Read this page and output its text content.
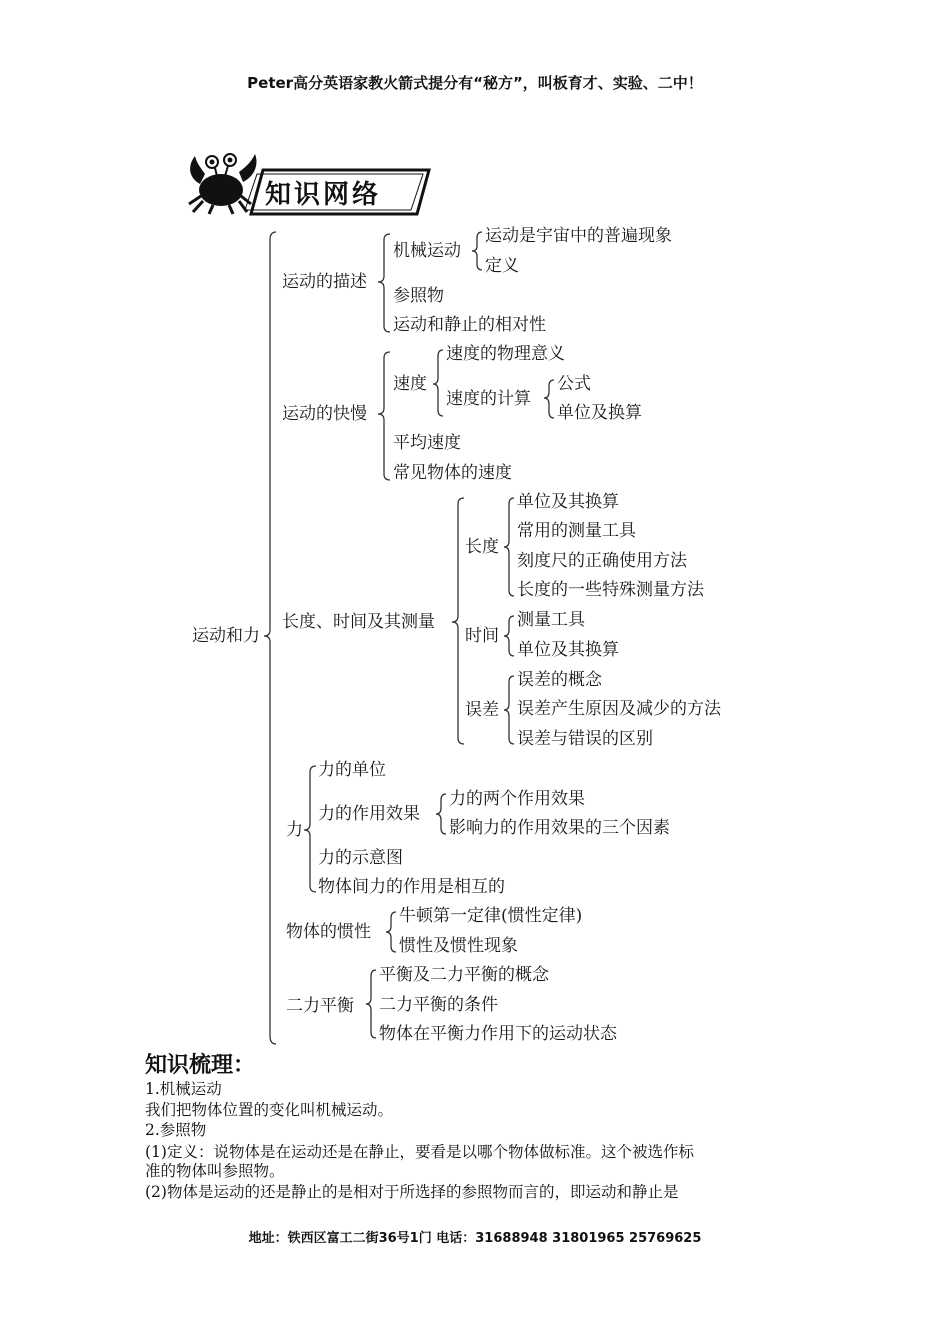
Peter高分英语家教火箭式提分有“秘方”，叫板育才、实验、二中！
知识网络
运动和力
运动的描述
机械运动
运动是宇宙中的普遍现象
定义
参照物
运动和静止的相对性
运动的快慢
速度
速度的物理意义
速度的计算
公式
单位及换算
平均速度
常见物体的速度
长度、时间及其测量
长度
单位及其换算
常用的测量工具
刻度尺的正确使用方法
长度的一些特殊测量方法
时间
测量工具
单位及其换算
误差
误差的概念
误差产生原因及减少的方法
误差与错误的区别
力
力的单位
力的作用效果
力的两个作用效果
影响力的作用效果的三个因素
力的示意图
物体间力的作用是相互的
物体的惯性
牛顿第一定律(惯性定律)
惯性及惯性现象
二力平衡
平衡及二力平衡的概念
二力平衡的条件
物体在平衡力作用下的运动状态
知识梳理：
1.机械运动
我们把物体位置的变化叫机械运动。
2.参照物
(1)定义：说物体是在运动还是在静止，要看是以哪个物体做标准。这个被选作标
准的物体叫参照物。
(2)物体是运动的还是静止的是相对于所选择的参照物而言的，即运动和静止是
地址：铁西区富工二街36号1门 电话：31688948 31801965 25769625
